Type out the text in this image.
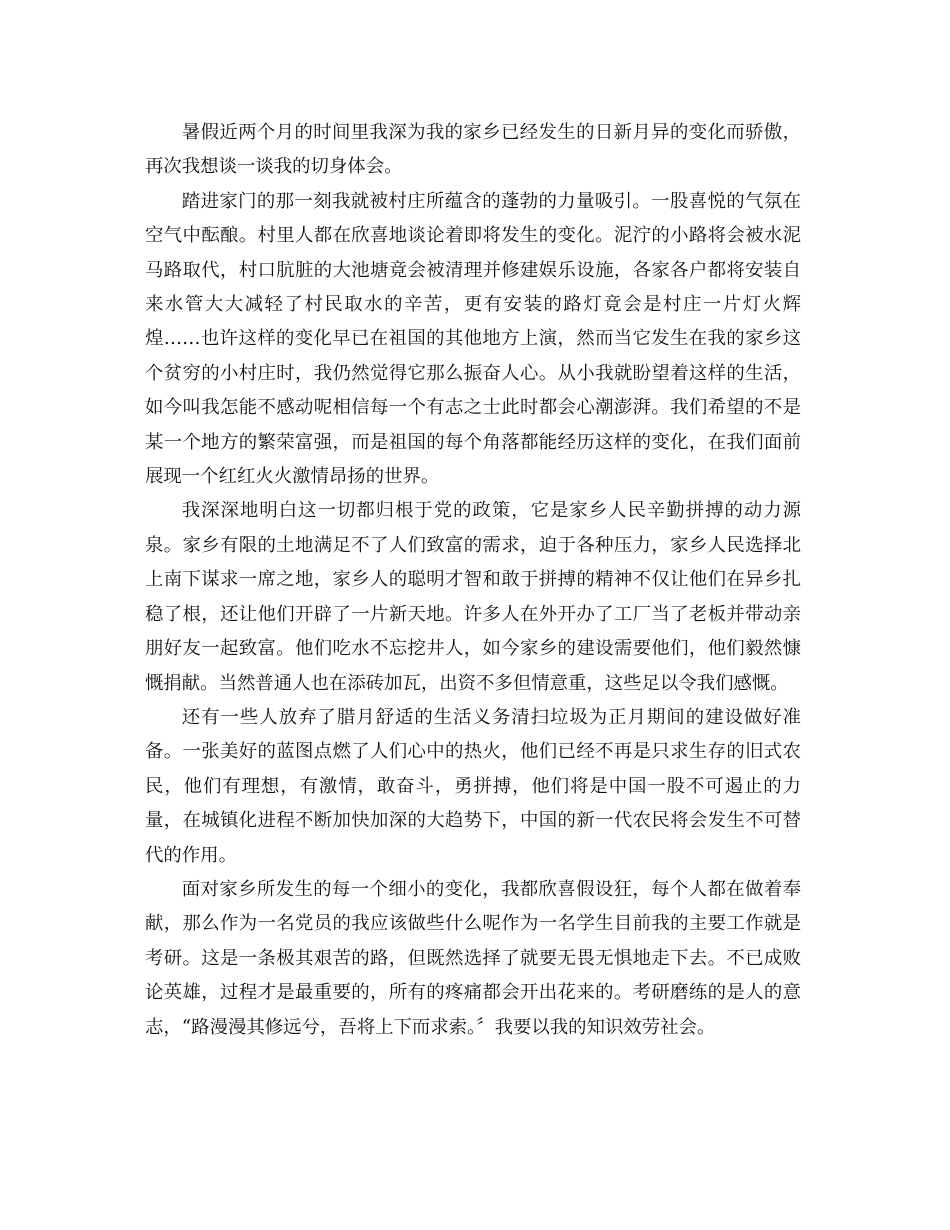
暑假近两个月的时间里我深为我的家乡已经发生的日新月异的变化而骄傲，再次我想谈一谈我的切身体会。

踏进家门的那一刻我就被村庄所蕴含的蓬勃的力量吸引。一股喜悦的气氛在空气中酝酿。村里人都在欣喜地谈论着即将发生的变化。泥泞的小路将会被水泥马路取代，村口肮脏的大池塘竟会被清理并修建娱乐设施，各家各户都将安装自来水管大大减轻了村民取水的辛苦，更有安装的路灯竟会是村庄一片灯火辉煌……也许这样的变化早已在祖国的其他地方上演，然而当它发生在我的家乡这个贫穷的小村庄时，我仍然觉得它那么振奋人心。从小我就盼望着这样的生活，如今叫我怎能不感动呢相信每一个有志之士此时都会心潮澎湃。我们希望的不是某一个地方的繁荣富强，而是祖国的每个角落都能经历这样的变化，在我们面前展现一个红红火火激情昂扬的世界。

我深深地明白这一切都归根于党的政策，它是家乡人民辛勤拼搏的动力源泉。家乡有限的土地满足不了人们致富的需求，迫于各种压力，家乡人民选择北上南下谋求一席之地，家乡人的聪明才智和敢于拼搏的精神不仅让他们在异乡扎稳了根，还让他们开辟了一片新天地。许多人在外开办了工厂当了老板并带动亲朋好友一起致富。他们吃水不忘挖井人，如今家乡的建设需要他们，他们毅然慷慨捐献。当然普通人也在添砖加瓦，出资不多但情意重，这些足以令我们感慨。

还有一些人放弃了腊月舒适的生活义务清扫垃圾为正月期间的建设做好准备。一张美好的蓝图点燃了人们心中的热火，他们已经不再是只求生存的旧式农民，他们有理想，有激情，敢奋斗，勇拼搏，他们将是中国一股不可遏止的力量，在城镇化进程不断加快加深的大趋势下，中国的新一代农民将会发生不可替代的作用。

面对家乡所发生的每一个细小的变化，我都欣喜假设狂，每个人都在做着奉献，那么作为一名党员的我应该做些什么呢作为一名学生目前我的主要工作就是考研。这是一条极其艰苦的路，但既然选择了就要无畏无惧地走下去。不已成败论英雄，过程才是最重要的，所有的疼痛都会开出花来的。考研磨练的是人的意志，“路漫漫其修远兮，吾将上下而求索。〞我要以我的知识效劳社会。
